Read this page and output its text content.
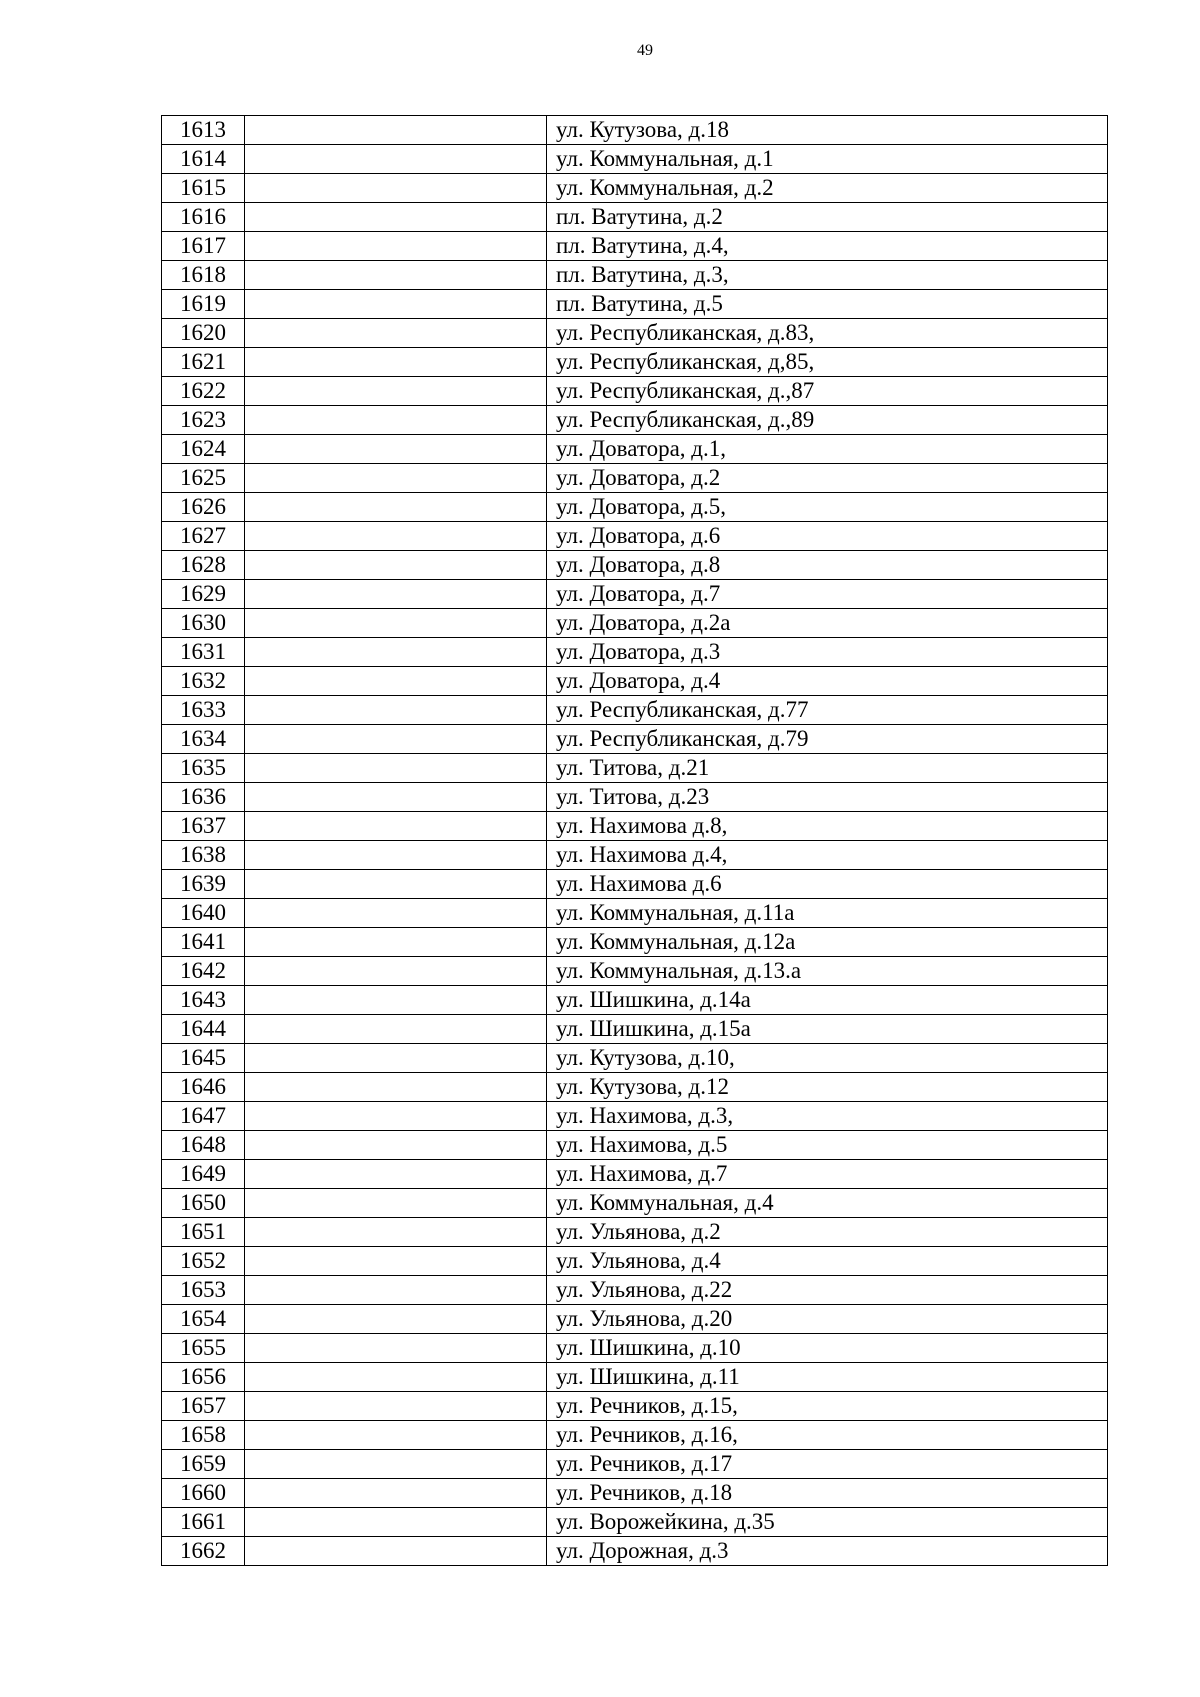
49
1613		ул. Кутузова, д.18
1614		ул. Коммунальная, д.1
1615		ул. Коммунальная, д.2
1616		пл. Ватутина, д.2
1617		пл. Ватутина, д.4,
1618		пл. Ватутина, д.3,
1619		пл. Ватутина, д.5
1620		ул. Республиканская, д.83,
1621		ул. Республиканская, д,85,
1622		ул. Республиканская, д.,87
1623		ул. Республиканская, д.,89
1624		ул. Доватора, д.1,
1625		ул. Доватора, д.2
1626		ул. Доватора, д.5,
1627		ул. Доватора, д.6
1628		ул. Доватора, д.8
1629		ул. Доватора, д.7
1630		ул. Доватора, д.2а
1631		ул. Доватора, д.3
1632		ул. Доватора, д.4
1633		ул. Республиканская, д.77
1634		ул. Республиканская, д.79
1635		ул. Титова, д.21
1636		ул. Титова, д.23
1637		ул. Нахимова д.8,
1638		ул. Нахимова д.4,
1639		ул. Нахимова д.6
1640		ул. Коммунальная, д.11а
1641		ул. Коммунальная, д.12а
1642		ул. Коммунальная, д.13.а
1643		ул. Шишкина, д.14а
1644		ул. Шишкина, д.15а
1645		ул. Кутузова, д.10,
1646		ул. Кутузова, д.12
1647		ул. Нахимова, д.3,
1648		ул. Нахимова, д.5
1649		ул. Нахимова, д.7
1650		ул. Коммунальная, д.4
1651		ул. Ульянова, д.2
1652		ул. Ульянова, д.4
1653		ул. Ульянова, д.22
1654		ул. Ульянова, д.20
1655		ул. Шишкина, д.10
1656		ул. Шишкина, д.11
1657		ул. Речников, д.15,
1658		ул. Речников, д.16,
1659		ул. Речников, д.17
1660		ул. Речников, д.18
1661		ул. Ворожейкина, д.35
1662		ул. Дорожная, д.3
